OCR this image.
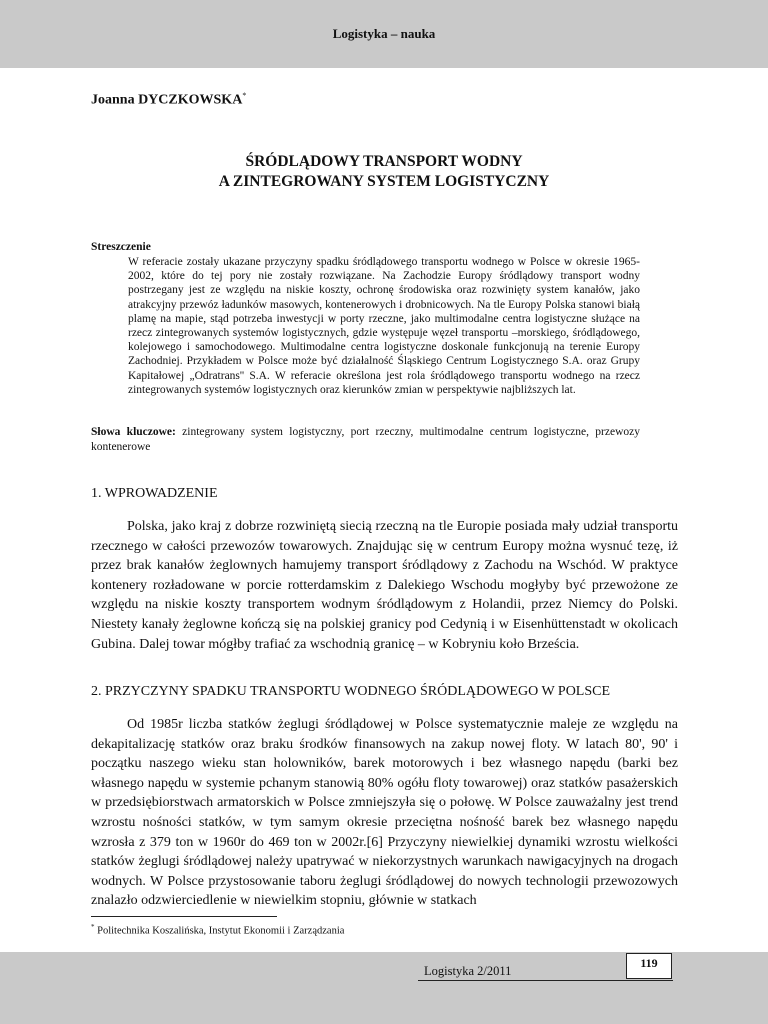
Logistyka – nauka
Joanna DYCZKOWSKA*
ŚRÓDLĄDOWY TRANSPORT WODNY
A ZINTEGROWANY SYSTEM LOGISTYCZNY
Streszczenie
W referacie zostały ukazane przyczyny spadku śródlądowego transportu wodnego w Polsce w okresie 1965-2002, które do tej pory nie zostały rozwiązane. Na Zachodzie Europy śródlądowy transport wodny postrzegany jest ze względu na niskie koszty, ochronę środowiska oraz rozwinięty system kanałów, jako atrakcyjny przewóz ładunków masowych, kontenerowych i drobnicowych. Na tle Europy Polska stanowi białą plamę na mapie, stąd potrzeba inwestycji w porty rzeczne, jako multimodalne centra logistyczne służące na rzecz zintegrowanych systemów logistycznych, gdzie występuje węzeł transportu –morskiego, śródlądowego, kolejowego i samochodowego. Multimodalne centra logistyczne doskonale funkcjonują na terenie Europy Zachodniej. Przykładem w Polsce może być działalność Śląskiego Centrum Logistycznego S.A. oraz Grupy Kapitałowej „Odratrans'' S.A. W referacie określona jest rola śródlądowego transportu wodnego na rzecz zintegrowanych systemów logistycznych oraz kierunków zmian w perspektywie najbliższych lat.
Słowa kluczowe: zintegrowany system logistyczny, port rzeczny, multimodalne centrum logistyczne, przewozy kontenerowe
1. WPROWADZENIE

Polska, jako kraj z dobrze rozwiniętą siecią rzeczną na tle Europie posiada mały udział transportu rzecznego w całości przewozów towarowych. Znajdując się w centrum Europy można wysnuć tezę, iż przez brak kanałów żeglownych hamujemy transport śródlądowy z Zachodu na Wschód. W praktyce kontenery rozładowane w porcie rotterdamskim z Dalekiego Wschodu mogłyby być przewożone ze względu na niskie koszty transportem wodnym śródlądowym z Holandii, przez Niemcy do Polski. Niestety kanały żeglowne kończą się na polskiej granicy pod Cedynią i w Eisenhüttenstadt w okolicach Gubina. Dalej towar mógłby trafiać za wschodnią granicę – w Kobryniu koło Brześcia.

2. PRZYCZYNY SPADKU TRANSPORTU WODNEGO ŚRÓDLĄDOWEGO W POLSCE

Od 1985r liczba statków żeglugi śródlądowej w Polsce systematycznie maleje ze względu na dekapitalizację statków oraz braku środków finansowych na zakup nowej floty. W latach 80', 90' i początku naszego wieku stan holowników, barek motorowych i bez własnego napędu (barki bez własnego napędu w systemie pchanym stanowią 80% ogółu floty towarowej) oraz statków pasażerskich w przedsiębiorstwach armatorskich w Polsce zmniejszyła się o połowę. W Polsce zauważalny jest trend wzrostu nośności statków, w tym samym okresie przeciętna nośność barek bez własnego napędu wzrosła z 379 ton w 1960r do 469 ton w 2002r.[6] Przyczyny niewielkiej dynamiki wzrostu wielkości statków żeglugi śródlądowej należy upatrywać w niekorzystnych warunkach nawigacyjnych na drogach wodnych. W Polsce przystosowanie taboru żeglugi śródlądowej do nowych technologii przewozowych znalazło odzwierciedlenie w niewielkim stopniu, głównie w statkach

* Politechnika Koszalińska, Instytut Ekonomii i Zarządzania
Logistyka 2/2011
119
